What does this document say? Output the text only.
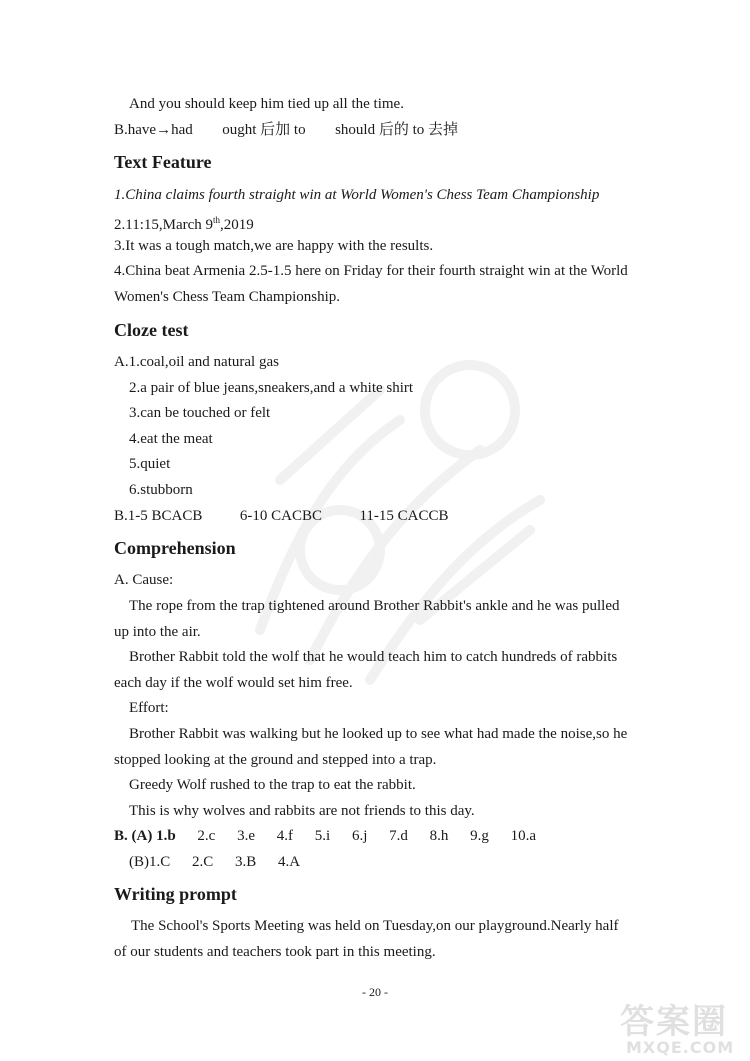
And you should keep him tied up all the time.
B.have→had ought 后加 to should 后的 to 去掉
Text Feature
1.China claims fourth straight win at World Women's Chess Team Championship
2.11:15,March 9th,2019
3.It was a tough match,we are happy with the results.
4.China beat Armenia 2.5-1.5 here on Friday for their fourth straight win at the World
Women's Chess Team Championship.
Cloze test
A.1.coal,oil and natural gas
2.a pair of blue jeans,sneakers,and a white shirt
3.can be touched or felt
4.eat the meat
5.quiet
6.stubborn
B.1-5 BCACB	6-10 CACBC	11-15 CACCB
Comprehension
A. Cause:
The rope from the trap tightened around Brother Rabbit's ankle and he was pulled
up into the air.
Brother Rabbit told the wolf that he would teach him to catch hundreds of rabbits
each day if the wolf would set him free.
Effort:
Brother Rabbit was walking but he looked up to see what had made the noise,so he
stopped looking at the ground and stepped into a trap.
Greedy Wolf rushed to the trap to eat the rabbit.
This is why wolves and rabbits are not friends to this day.
B. (A) 1.b 2.c 3.e 4.f 5.i 6.j 7.d 8.h 9.g 10.a
(B)1.C 2.C 3.B 4.A
Writing prompt
The School's Sports Meeting was held on Tuesday,on our playground.Nearly half
of our students and teachers took part in this meeting.
- 20 -
答案圈
MXQE.COM
